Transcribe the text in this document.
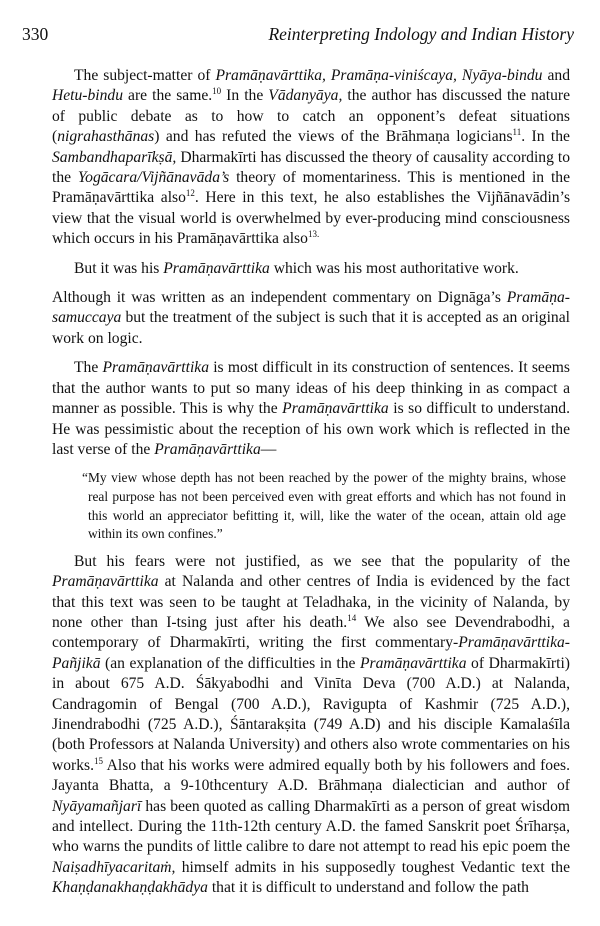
330	Reinterpreting Indology and Indian History

The subject-matter of Pramāṇavārttika, Pramāṇa-viniścaya, Nyāya-bindu and Hetu-bindu are the same.$^{10}$ In the Vādanyāya, the author has discussed the nature of public debate as to how to catch an opponent’s defeat situations (nigrahasthānas) and has refuted the views of the Brāhmaṇa logicians$^{11}$. In the Sambandhaparīkṣā, Dharmakīrti has discussed the theory of causality according to the Yogācara/Vijñānavāda’s theory of momentariness. This is mentioned in the Pramāṇavārttika also$^{12}$. Here in this text, he also establishes the Vijñānavādin’s view that the visual world is overwhelmed by ever-producing mind consciousness which occurs in his Pramāṇavārttika also$^{13.}$

But it was his Pramāṇavārttika which was his most authoritative work.

Although it was written as an independent commentary on Dignāga’s Pramāṇa- samuccaya but the treatment of the subject is such that it is accepted as an original work on logic.

The Pramāṇavārttika is most difficult in its construction of sentences. It seems that the author wants to put so many ideas of his deep thinking in as compact a manner as possible. This is why the Pramāṇavārttika is so difficult to understand. He was pessimistic about the reception of his own work which is reflected in the last verse of the Pramāṇavārttika—

“My view whose depth has not been reached by the power of the mighty brains, whose real purpose has not been perceived even with great efforts and which has not found in this world an appreciator befitting it, will, like the water of the ocean, attain old age within its own confines.”

But his fears were not justified, as we see that the popularity of the Pramāṇavārttika at Nalanda and other centres of India is evidenced by the fact that this text was seen to be taught at Teladhaka, in the vicinity of Nalanda, by none other than I-tsing just after his death.$^{14}$ We also see Devendrabodhi, a contemporary of Dharmakīrti, writing the first commentary-Pramāṇavārttika-Pañjikā (an explanation of the difficulties in the Pramāṇavārttika of Dharmakīrti) in about 675 A.D. Śākyabodhi and Vinīta Deva (700 A.D.) at Nalanda, Candragomin of Bengal (700 A.D.), Ravigupta of Kashmir (725 A.D.), Jinendrabodhi (725 A.D.), Śāntarakṣita (749 A.D) and his disciple Kamalaśīla (both Professors at Nalanda University) and others also wrote commentaries on his works.$^{15}$ Also that his works were admired equally both by his followers and foes. Jayanta Bhatta, a 9-10thcentury A.D. Brāhmaṇa dialectician and author of Nyāyamañjarī has been quoted as calling Dharmakīrti as a person of great wisdom and intellect. During the 11th-12th century A.D. the famed Sanskrit poet Śrīharṣa, who warns the pundits of little calibre to dare not attempt to read his epic poem the Naiṣadhīyacaritaṁ, himself admits in his supposedly toughest Vedantic text the Khaṇḍanakhaṇḍakhādya that it is difficult to understand and follow the path
